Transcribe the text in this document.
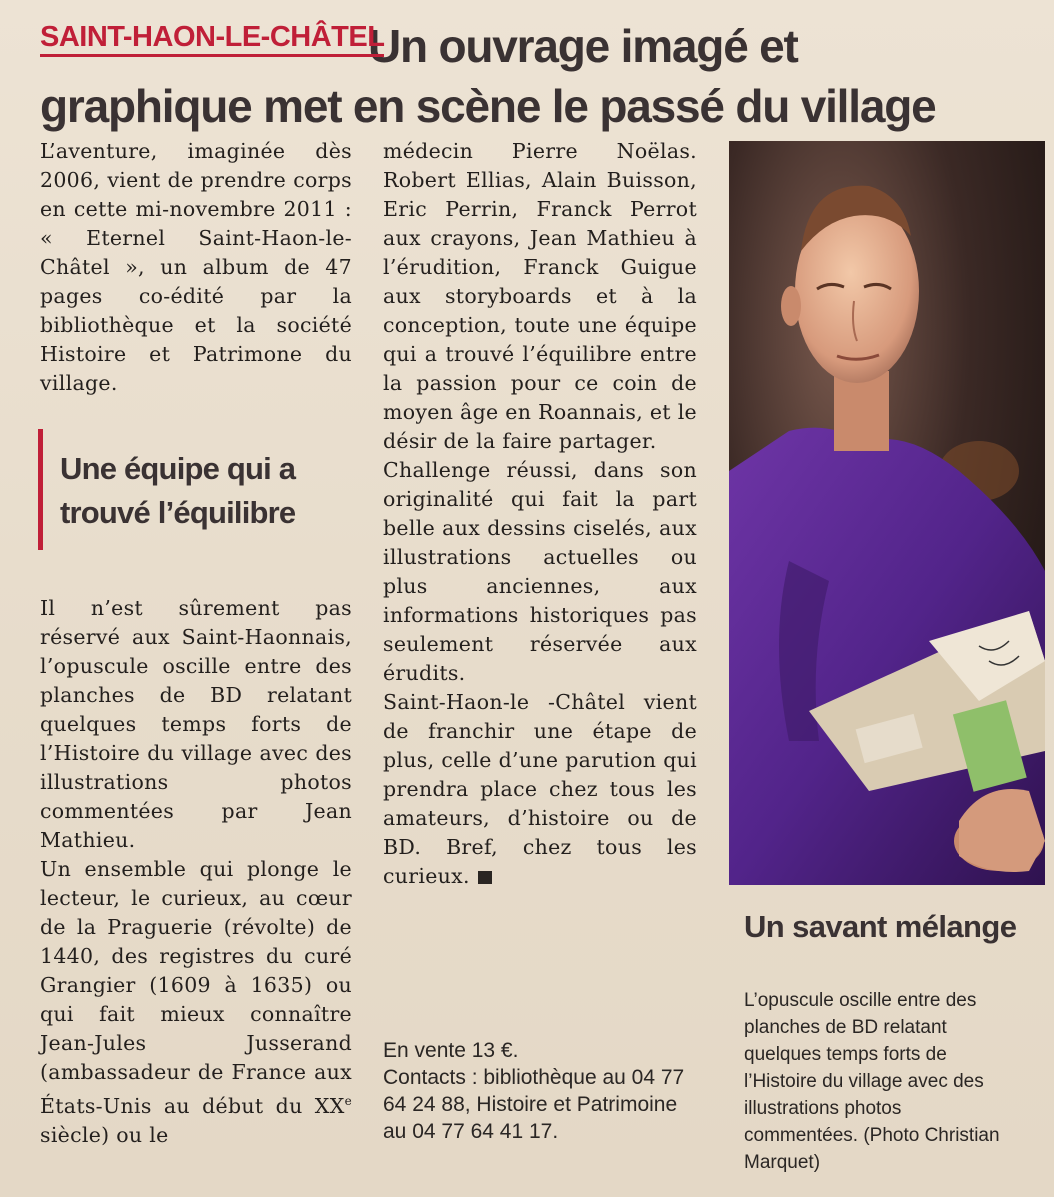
Un ouvrage imagé et
graphique met en scène le passé du village
SAINT-HAON-LE-CHÂTEL

L’aventure, imaginée dès 2006, vient de prendre corps en cette mi-novembre 2011 : « Eternel Saint-Haon-le-Châtel », un album de 47 pages co-édité par la bibliothèque et la société Histoire et Patrimone du village.

Une équipe qui a trouvé l’équilibre

Il n’est sûrement pas réservé aux Saint-Haonnais, l’opuscule oscille entre des planches de BD relatant quelques temps forts de l’Histoire du village avec des illustrations photos commentées par Jean Mathieu.

Un ensemble qui plonge le lecteur, le curieux, au cœur de la Praguerie (révolte) de 1440, des registres du curé Grangier (1609 à 1635) ou qui fait mieux connaître Jean-Jules Jusserand (ambassadeur de France aux États-Unis au début du XXe siècle) ou le

médecin Pierre Noëlas. Robert Ellias, Alain Buisson, Eric Perrin, Franck Perrot aux crayons, Jean Mathieu à l’érudition, Franck Guigue aux storyboards et à la conception, toute une équipe qui a trouvé l’équilibre entre la passion pour ce coin de moyen âge en Roannais, et le désir de la faire partager.

Challenge réussi, dans son originalité qui fait la part belle aux dessins ciselés, aux illustrations actuelles ou plus anciennes, aux informations historiques pas seulement réservée aux érudits.

Saint-Haon-le -Châtel vient de franchir une étape de plus, celle d’une parution qui prendra place chez tous les amateurs, d’histoire ou de BD. Bref, chez tous les curieux.

En vente 13 €.

Contacts : bibliothèque au 04 77 64 24 88, Histoire et Patrimoine au 04 77 64 41 17.

Un savant mélange
L’opuscule oscille entre des planches de BD relatant quelques temps forts de l’Histoire du village avec des illustrations photos commentées. (Photo Christian Marquet)
